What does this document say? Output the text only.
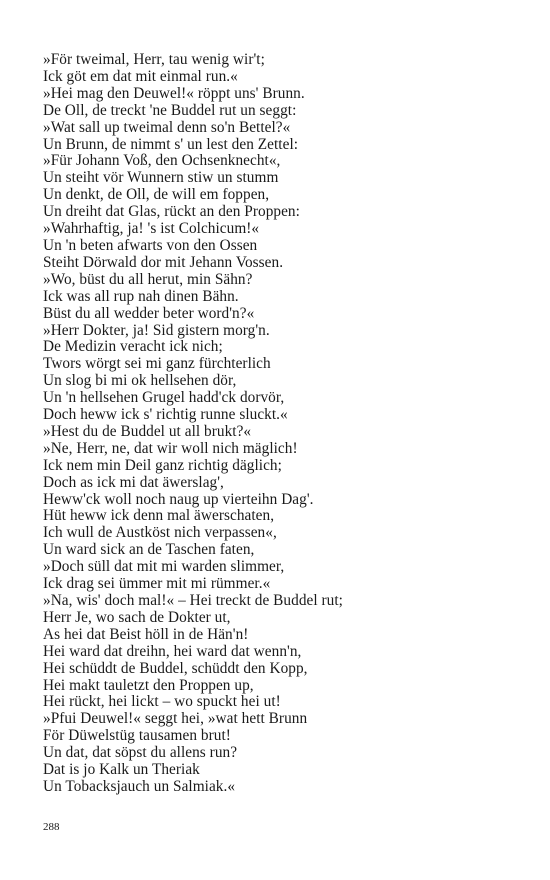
»För tweimal, Herr, tau wenig wir't;
Ick göt em dat mit einmal run.«
»Hei mag den Deuwel!« röppt uns' Brunn.
De Oll, de treckt 'ne Buddel rut un seggt:
»Wat sall up tweimal denn so'n Bettel?«
Un Brunn, de nimmt s' un lest den Zettel:
»Für Johann Voß, den Ochsenknecht«,
Un steiht vör Wunnern stiw un stumm
Un denkt, de Oll, de will em foppen,
Un dreiht dat Glas, rückt an den Proppen:
»Wahrhaftig, ja! 's ist Colchicum!«
Un 'n beten afwarts von den Ossen
Steiht Dörwald dor mit Jehann Vossen.
»Wo, büst du all herut, min Sähn?
Ick was all rup nah dinen Bähn.
Büst du all wedder beter word'n?«
»Herr Dokter, ja! Sid gistern morg'n.
De Medizin veracht ick nich;
Twors wörgt sei mi ganz fürchterlich
Un slog bi mi ok hellsehen dör,
Un 'n hellsehen Grugel hadd'ck dorvör,
Doch heww ick s' richtig runne sluckt.«
»Hest du de Buddel ut all brukt?«
»Ne, Herr, ne, dat wir woll nich mäglich!
Ick nem min Deil ganz richtig däglich;
Doch as ick mi dat äwerslag',
Heww'ck woll noch naug up vierteihn Dag'.
Hüt heww ick denn mal äwerschaten,
Ich wull de Austköst nich verpassen«,
Un ward sick an de Taschen faten,
»Doch süll dat mit mi warden slimmer,
Ick drag sei ümmer mit mi rümmer.«
»Na, wis' doch mal!« – Hei treckt de Buddel rut;
Herr Je, wo sach de Dokter ut,
As hei dat Beist höll in de Hän'n!
Hei ward dat dreihn, hei ward dat wenn'n,
Hei schüddt de Buddel, schüddt den Kopp,
Hei makt tauletzt den Proppen up,
Hei rückt, hei lickt – wo spuckt hei ut!
»Pfui Deuwel!« seggt hei, »wat hett Brunn
För Düwelstüg tausamen brut!
Un dat, dat söpst du allens run?
Dat is jo Kalk un Theriak
Un Tobacksjauch un Salmiak.«
288
